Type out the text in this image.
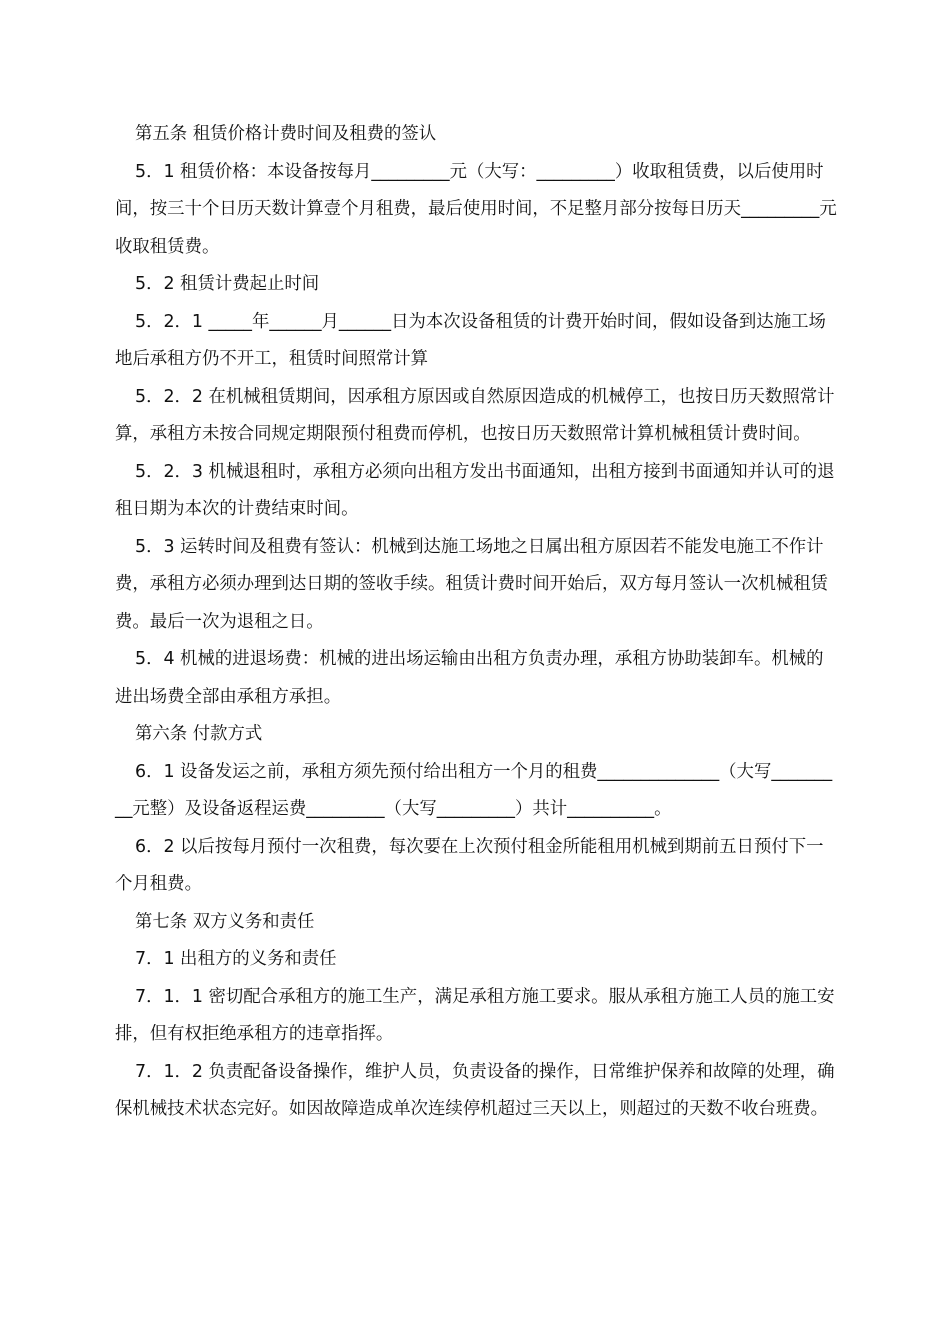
第五条 租赁价格计费时间及租费的签认

5．1 租赁价格：本设备按每月_________元（大写：_________）收取租赁费，以后使用时间，按三十个日历天数计算壹个月租费，最后使用时间，不足整月部分按每日历天_________元收取租赁费。

5．2 租赁计费起止时间

5．2．1 _____年______月______日为本次设备租赁的计费开始时间，假如设备到达施工场地后承租方仍不开工，租赁时间照常计算

5．2．2 在机械租赁期间，因承租方原因或自然原因造成的机械停工，也按日历天数照常计算，承租方未按合同规定期限预付租费而停机，也按日历天数照常计算机械租赁计费时间。

5．2．3 机械退租时，承租方必须向出租方发出书面通知，出租方接到书面通知并认可的退租日期为本次的计费结束时间。

5．3 运转时间及租费有签认：机械到达施工场地之日属出租方原因若不能发电施工不作计费，承租方必须办理到达日期的签收手续。租赁计费时间开始后，双方每月签认一次机械租赁费。最后一次为退租之日。

5．4 机械的进退场费：机械的进出场运输由出租方负责办理，承租方协助装卸车。机械的进出场费全部由承租方承担。

第六条 付款方式

6．1 设备发运之前，承租方须先预付给出租方一个月的租费______________（大写_________元整）及设备返程运费_________（大写_________）共计__________。

6．2 以后按每月预付一次租费，每次要在上次预付租金所能租用机械到期前五日预付下一个月租费。

第七条 双方义务和责任

7．1 出租方的义务和责任

7．1．1 密切配合承租方的施工生产，满足承租方施工要求。服从承租方施工人员的施工安排，但有权拒绝承租方的违章指挥。

7．1．2 负责配备设备操作，维护人员，负责设备的操作，日常维护保养和故障的处理，确保机械技术状态完好。如因故障造成单次连续停机超过三天以上，则超过的天数不收台班费。
